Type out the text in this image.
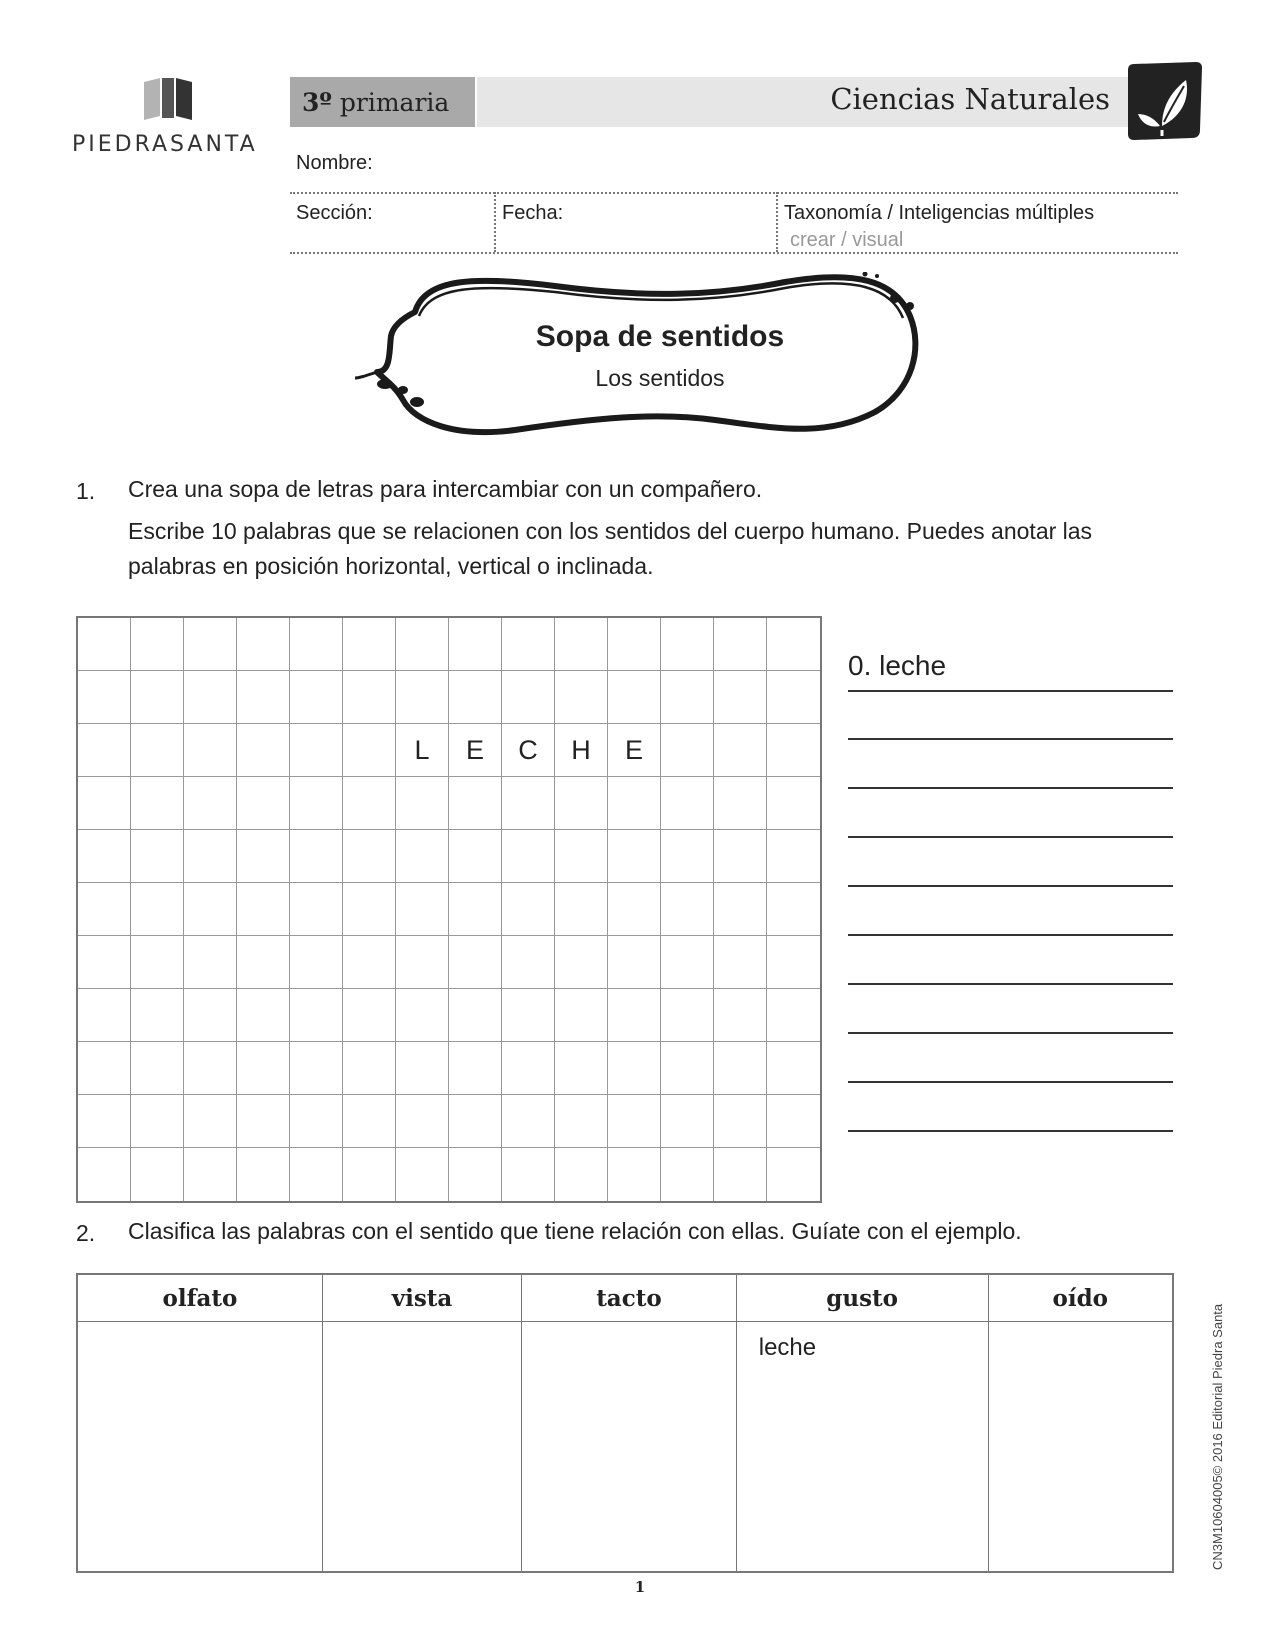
PIEDRASANTA
3º primaria	Ciencias Naturales
Nombre:
Sección:	Fecha:	Taxonomía / Inteligencias múltiples
crear / visual
Sopa de sentidos
Los sentidos
1. Crea una sopa de letras para intercambiar con un compañero.
Escribe 10 palabras que se relacionen con los sentidos del cuerpo humano. Puedes anotar las palabras en posición horizontal, vertical o inclinada.
L	E	C	H	E
0. leche
2. Clasifica las palabras con el sentido que tiene relación con ellas. Guíate con el ejemplo.
olfato	vista	tacto	gusto	oído
			leche	
1
CN3M10604005© 2016 Editorial Piedra Santa
